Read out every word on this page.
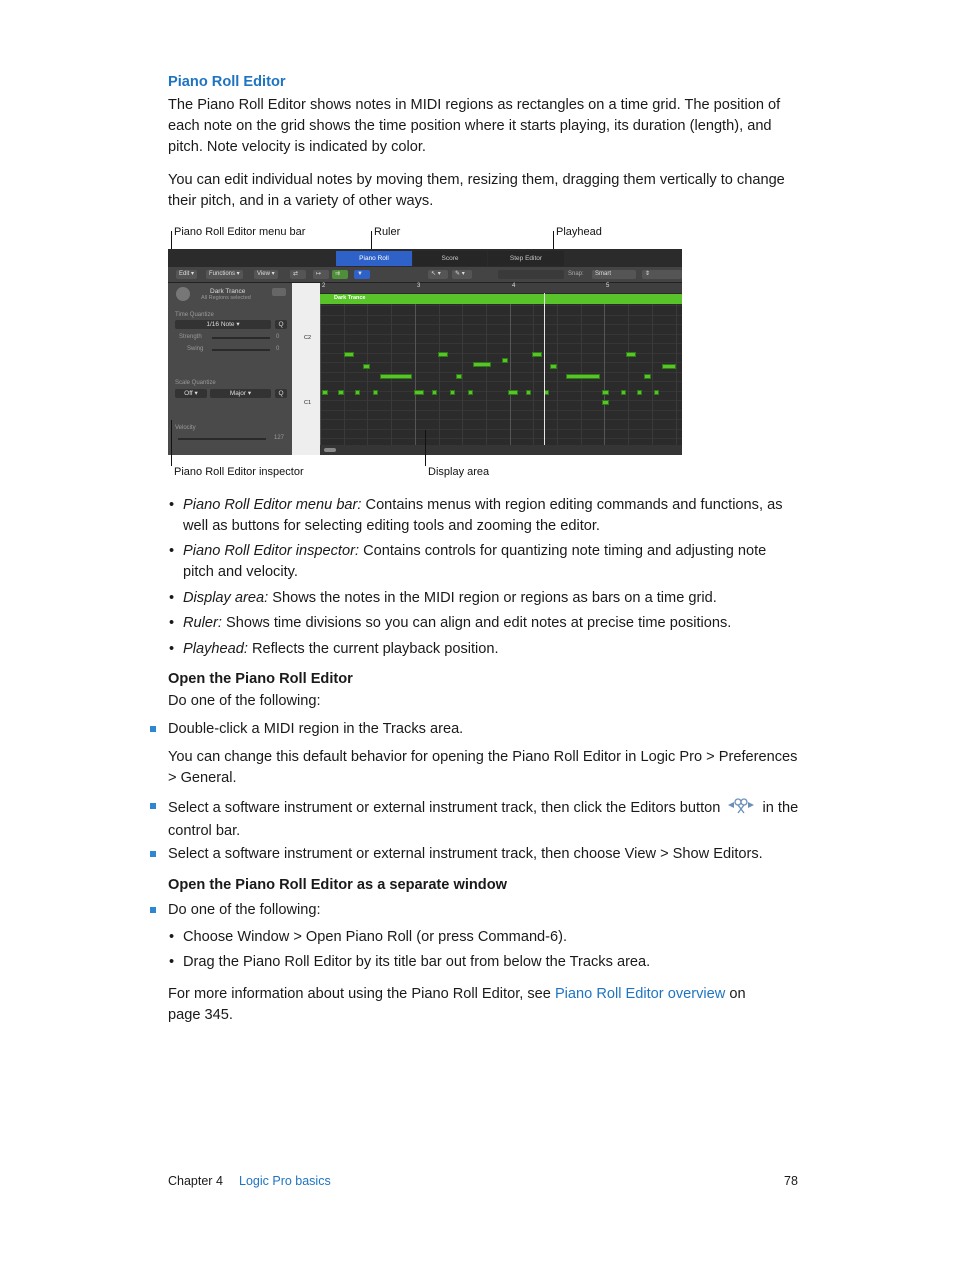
Piano Roll Editor
The Piano Roll Editor shows notes in MIDI regions as rectangles on a time grid. The position of each note on the grid shows the time position where it starts playing, its duration (length), and pitch. Note velocity is indicated by color.
You can edit individual notes by moving them, resizing them, dragging them vertically to change their pitch, and in a variety of other ways.
Piano Roll Editor menu bar	Ruler	Playhead
Piano Roll	Score	Step Editor
Edit ▾	Functions ▾	View ▾	⇄	↦	⇉	▼	↖ ▾	✎ ▾	Snap:	Smart	⇕
Dark Trance
All Regions selected
Time Quantize
1/16 Note ▾	Q
Strength	0
Swing	0
Scale Quantize
Off ▾	Major ▾	Q
Velocity
127
C2
C1
2	3	4	5
Dark Trance
Piano Roll Editor inspector	Display area
• Piano Roll Editor menu bar: Contains menus with region editing commands and functions, as well as buttons for selecting editing tools and zooming the editor.
• Piano Roll Editor inspector: Contains controls for quantizing note timing and adjusting note pitch and velocity.
• Display area: Shows the notes in the MIDI region or regions as bars on a time grid.
• Ruler: Shows time divisions so you can align and edit notes at precise time positions.
• Playhead: Reflects the current playback position.
Open the Piano Roll Editor
Do one of the following:
Double-click a MIDI region in the Tracks area.
You can change this default behavior for opening the Piano Roll Editor in Logic Pro > Preferences > General.
Select a software instrument or external instrument track, then click the Editors button	in the control bar.
Select a software instrument or external instrument track, then choose View > Show Editors.
Open the Piano Roll Editor as a separate window
Do one of the following:
• Choose Window > Open Piano Roll (or press Command-6).
• Drag the Piano Roll Editor by its title bar out from below the Tracks area.
For more information about using the Piano Roll Editor, see Piano Roll Editor overview on page 345.
Chapter 4 Logic Pro basics	78
